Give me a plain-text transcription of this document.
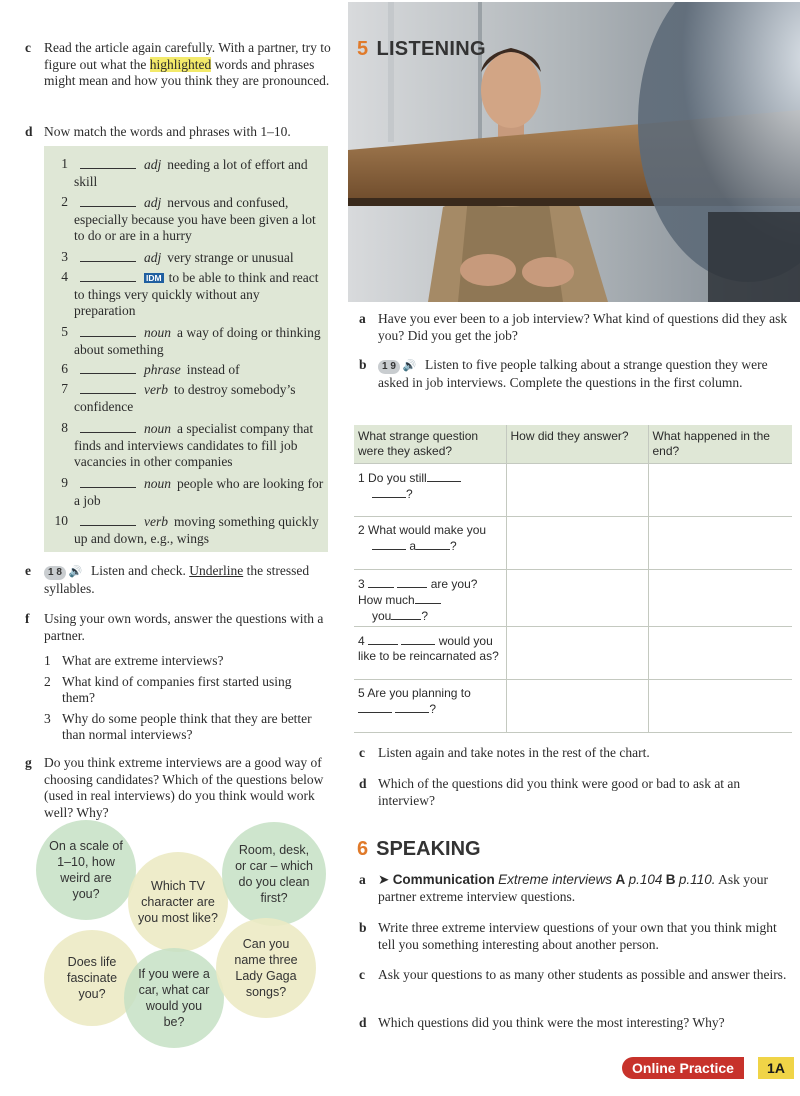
c Read the article again carefully. With a partner, try to figure out what the highlighted words and phrases might mean and how you think they are pronounced.
d Now match the words and phrases with 1–10.
1	adj needing a lot of effort and skill
2	adj nervous and confused, especially because you have been given a lot to do or are in a hurry
3	adj very strange or unusual
4	IDM to be able to think and react to things very quickly without any preparation
5	noun a way of doing or thinking about something
6	phrase instead of
7	verb to destroy somebody’s confidence
8	noun a specialist company that finds and interviews candidates to fill job vacancies in other companies
9	noun people who are looking for a job
10	verb moving something quickly up and down, e.g., wings
e 1 8 🔊 Listen and check. Underline the stressed syllables.
f Using your own words, answer the questions with a partner.
1 What are extreme interviews?
2 What kind of companies first started using them?
3 Why do some people think that they are better than normal interviews?
g Do you think extreme interviews are a good way of choosing candidates? Which of the questions below (used in real interviews) do you think would work well? Why?
On a scale of 1–10, how weird are you?
Which TV character are you most like?
Room, desk, or car – which do you clean first?
Does life fascinate you?
If you were a car, what car would you be?
Can you name three Lady Gaga songs?
5 LISTENING
a Have you ever been to a job interview? What kind of questions did they ask you? Did you get the job?
b 1 9 🔊 Listen to five people talking about a strange question they were asked in job interviews. Complete the questions in the first column.
What strange question were they asked?	How did they answer?	What happened in the end?
1 Do you still
?		
2 What would make you
a ?		
3 are you? How much
you ?		
4 would you like to be reincarnated as?		
5 Are you planning to  ?		
c Listen again and take notes in the rest of the chart.
d Which of the questions did you think were good or bad to ask at an interview?
6 SPEAKING
a ➤ Communication Extreme interviews A p.104 B p.110. Ask your partner extreme interview questions.
b Write three extreme interview questions of your own that you think might tell you something interesting about another person.
c Ask your questions to as many other students as possible and answer theirs.
d Which questions did you think were the most interesting? Why?
Online Practice	1A
